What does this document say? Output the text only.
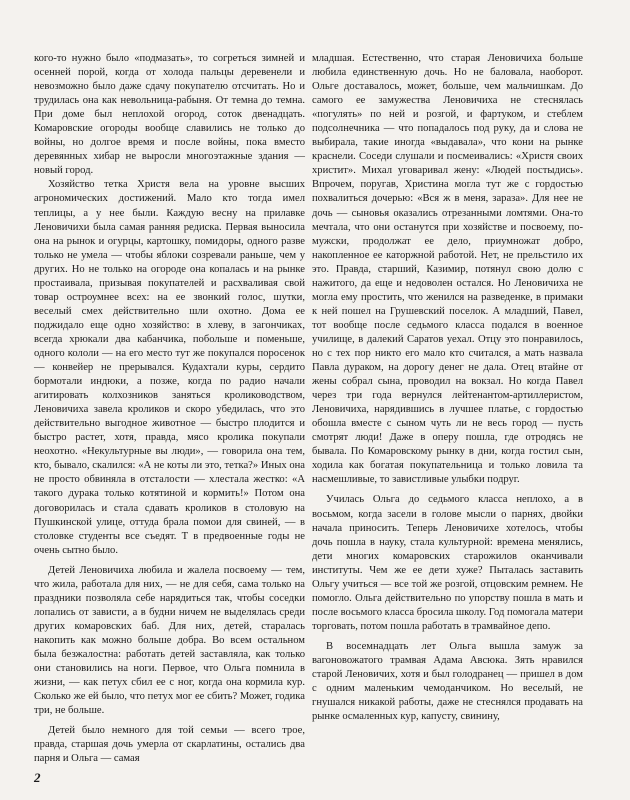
кого-то нужно было «подмазать», то согреться зимней и осенней порой, когда от холода пальцы деревенели и невозможно было даже сдачу покупателю отсчитать. Но и трудилась она как невольница-рабыня. От темна до темна. При доме был неплохой огород, соток двенадцать. Комаровские огороды вообще славились не только до войны, но долгое время и после войны, пока вместо деревянных хибар не выросли многоэтажные здания — новый город.

Хозяйство тетка Христя вела на уровне высших агрономических достижений. Мало кто тогда имел теплицы, а у нее были. Каждую весну на прилавке Леновичихи была самая ранняя редиска. Первая выносила она на рынок и огурцы, картошку, помидоры, одного разве только не умела — чтобы яблоки созревали раньше, чем у других. Но не только на огороде она копалась и на рынке простаивала, призывая покупателей и расхваливая свой товар остроумнее всех: на ее звонкий голос, шутки, веселый смех действительно шли охотно. Дома ее поджидало еще одно хозяйство: в хлеву, в загончиках, всегда хрюкали два кабанчика, побольше и поменьше, одного кололи — на его место тут же покупался поросенок — конвейер не прерывался. Кудахтали куры, сердито бормотали индюки, а позже, когда по радио начали агитировать колхозников заняться кролиководством, Леновичиха завела кроликов и скоро убедилась, что это действительно выгодное животное — быстро плодится и быстро растет, хотя, правда, мясо кролика покупали неохотно. «Некультурные вы люди», — говорила она тем, кто, бывало, скалился: «А не коты ли это, тетка?» Иных она не просто обвиняла в отсталости — хлестала жестко: «А такого дурака только котятиной и кормить!» Потом она договорилась и стала сдавать кроликов в столовую на Пушкинской улице, оттуда брала помои для свиней, — в столовке студенты все съедят. Т в предвоенные годы не очень сытно было.

Детей Леновичиха любила и жалела посвоему — тем, что жила, работала для них, — не для себя, сама только на праздники позволяла себе нарядиться так, чтобы соседки лопались от зависти, а в будни ничем не выделялась среди других комаровских баб. Для них, детей, старалась накопить как можно больше добра. Во всем остальном была безжалостна: работать детей заставляла, как только они становились на ноги. Первое, что Ольга помнила в жизни, — как петух сбил ее с ног, когда она кормила кур. Сколько же ей было, что петух мог ее сбить? Может, годика три, не больше.

Детей было немного для той семьи — всего трое, правда, старшая дочь умерла от скарлатины, остались два парня и Ольга — самая

младшая. Естественно, что старая Леновичиха больше любила единственную дочь. Но не баловала, наоборот. Ольге доставалось, может, больше, чем мальчишкам. До самого ее замужества Леновичиха не стеснялась «погулять» по ней и розгой, и фартуком, и стеблем подсолнечника — что попадалось под руку, да и слова не выбирала, такие иногда «выдавала», что кони на рынке краснели. Соседи слушали и посмеивались: «Христя своих христит». Михал уговаривал жену: «Людей постыдись». Впрочем, поругав, Христина могла тут же с гордостью похвалиться дочерью: «Вся ж в меня, зараза». Для нее не дочь — сыновья оказались отрезанными ломтями. Она-то мечтала, что они останутся при хозяйстве и посвоему, по-мужски, продолжат ее дело, приумножат добро, накопленное ее каторжной работой. Нет, не прельстило их это. Правда, старший, Казимир, потянул свою долю с нажитого, да еще и недоволен остался. Но Леновичиха не могла ему простить, что женился на разведенке, в примаки к ней пошел на Грушевский поселок. А младший, Павел, тот вообще после седьмого класса подался в военное училище, в далекий Саратов уехал. Отцу это понравилось, но с тех пор никто его мало кто считался, а мать назвала Павла дураком, на дорогу денег не дала. Отец втайне от жены собрал сына, проводил на вокзал. Но когда Павел через три года вернулся лейтенантом-артиллеристом, Леновичиха, нарядившись в лучшее платье, с гордостью обошла вместе с сыном чуть ли не весь город — пусть смотрят люди! Даже в оперу пошла, где отродясь не бывала. По Комаровскому рынку в дни, когда гостил сын, ходила как богатая покупательница и только ловила та насмешливые, то завистливые улыбки подруг.

Училась Ольга до седьмого класса неплохо, а в восьмом, когда засели в голове мысли о парнях, двойки начала приносить. Теперь Леновичихе хотелось, чтобы дочь пошла в науку, стала культурной: времена менялись, дети многих комаровских старожилов оканчивали институты. Чем же ее дети хуже? Пыталась заставить Ольгу учиться — все той же розгой, отцовским ремнем. Не помогло. Ольга действительно по упорству пошла в мать и после восьмого класса бросила школу. Год помогала матери торговать, потом пошла работать в трамвайное депо.

В восемнадцать лет Ольга вышла замуж за вагоновожатого трамвая Адама Авсюка. Зять нравился старой Леновичих, хотя и был голодранец — пришел в дом с одним маленьким чемоданчиком. Но веселый, не гнушался никакой работы, даже не стеснялся продавать на рынке осмаленных кур, капусту, свинину,

2
